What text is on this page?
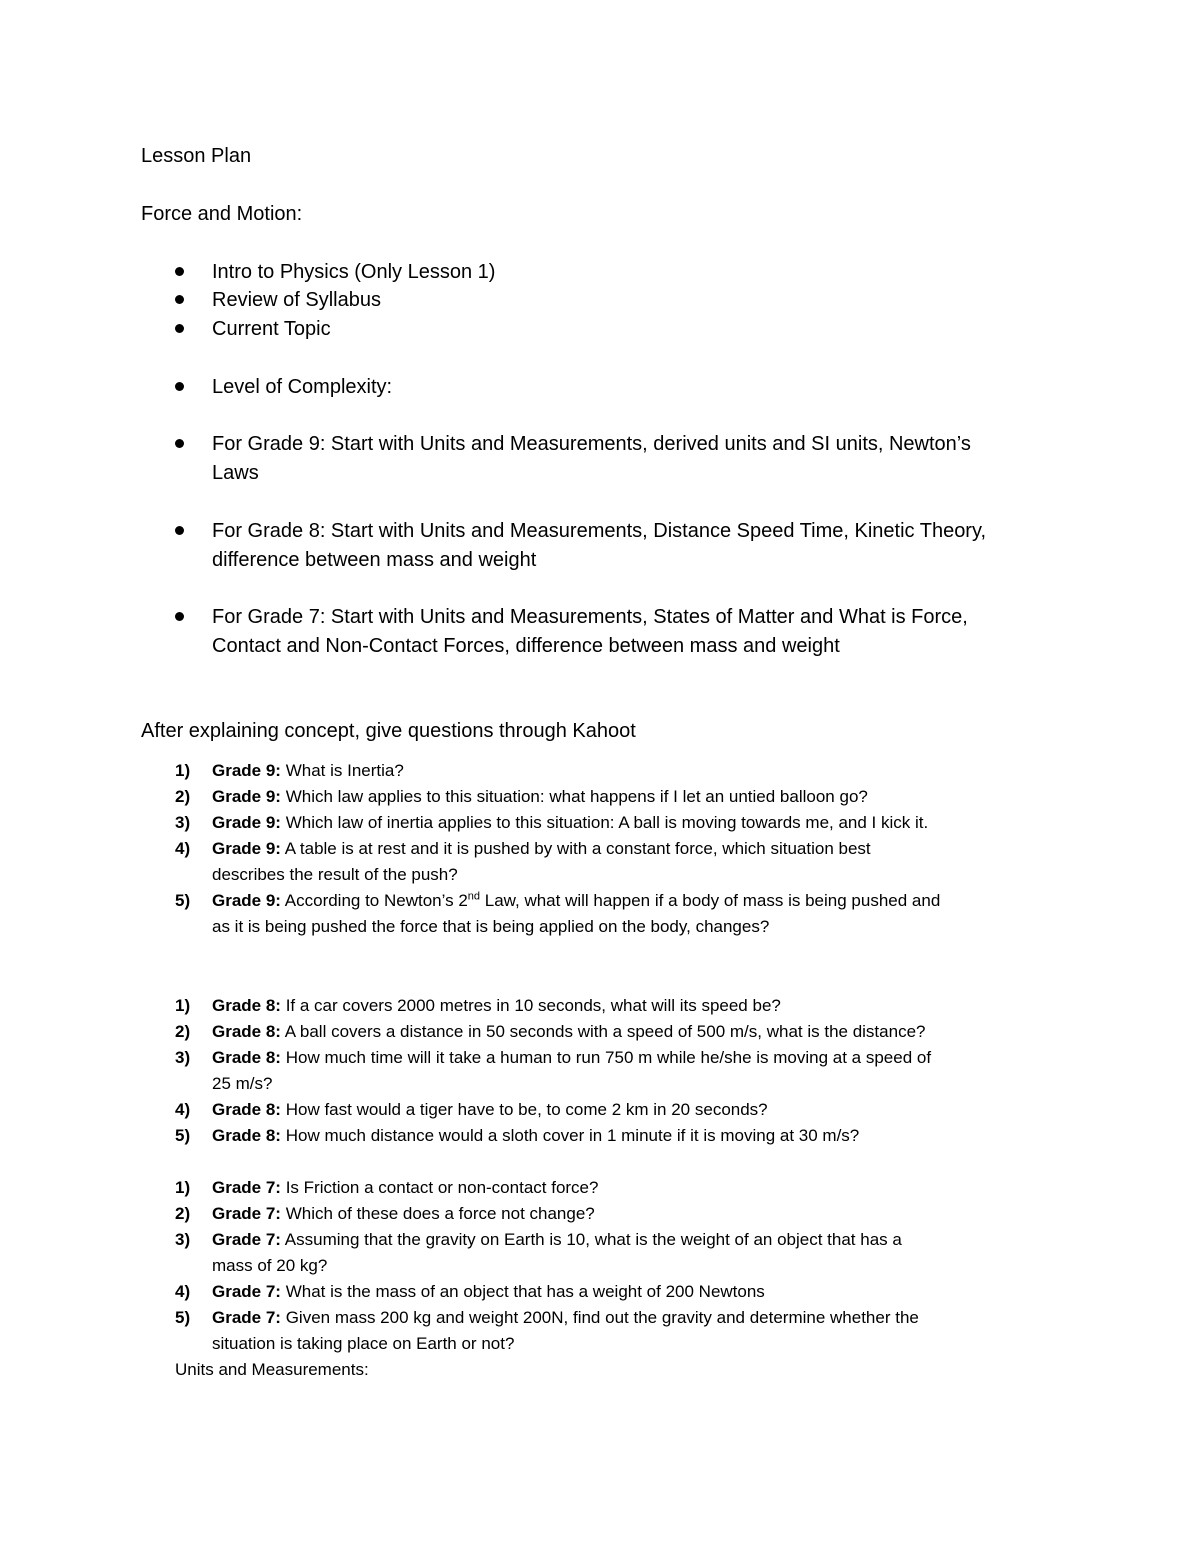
Lesson Plan
Force and Motion:
Intro to Physics (Only Lesson 1)
Review of Syllabus
Current Topic
Level of Complexity:
For Grade 9: Start with Units and Measurements, derived units and SI units, Newton’s
Laws
For Grade 8: Start with Units and Measurements, Distance Speed Time, Kinetic Theory,
difference between mass and weight
For Grade 7: Start with Units and Measurements, States of Matter and What is Force,
Contact and Non-Contact Forces, difference between mass and weight
After explaining concept, give questions through Kahoot
1) Grade 9: What is Inertia?
2) Grade 9: Which law applies to this situation: what happens if I let an untied balloon go?
3) Grade 9: Which law of inertia applies to this situation: A ball is moving towards me, and I kick it.
4) Grade 9: A table is at rest and it is pushed by with a constant force, which situation best
describes the result of the push?
5) Grade 9: According to Newton’s 2nd Law, what will happen if a body of mass is being pushed and
as it is being pushed the force that is being applied on the body, changes?
1) Grade 8: If a car covers 2000 metres in 10 seconds, what will its speed be?
2) Grade 8: A ball covers a distance in 50 seconds with a speed of 500 m/s, what is the distance?
3) Grade 8: How much time will it take a human to run 750 m while he/she is moving at a speed of
25 m/s?
4) Grade 8: How fast would a tiger have to be, to come 2 km in 20 seconds?
5) Grade 8: How much distance would a sloth cover in 1 minute if it is moving at 30 m/s?
1) Grade 7: Is Friction a contact or non-contact force?
2) Grade 7: Which of these does a force not change?
3) Grade 7: Assuming that the gravity on Earth is 10, what is the weight of an object that has a
mass of 20 kg?
4) Grade 7: What is the mass of an object that has a weight of 200 Newtons
5) Grade 7: Given mass 200 kg and weight 200N, find out the gravity and determine whether the
situation is taking place on Earth or not?
Units and Measurements:
